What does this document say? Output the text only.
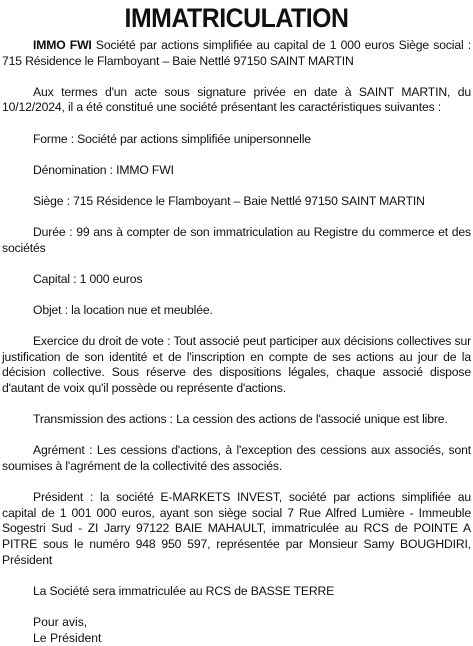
IMMATRICULATION

IMMO FWI Société par actions simplifiée au capital de 1 000 euros Siège social : 715 Résidence le Flamboyant – Baie Nettlé 97150 SAINT MARTIN

Aux termes d'un acte sous signature privée en date à SAINT MARTIN, du 10/12/2024, il a été constitué une société présentant les caractéristiques suivantes :

Forme : Société par actions simplifiée unipersonnelle

Dénomination : IMMO FWI

Siège : 715 Résidence le Flamboyant – Baie Nettlé 97150 SAINT MARTIN

Durée : 99 ans à compter de son immatriculation au Registre du commerce et des sociétés

Capital : 1 000 euros

Objet : la location nue et meublée.

Exercice du droit de vote : Tout associé peut participer aux décisions collectives sur justification de son identité et de l'inscription en compte de ses actions au jour de la décision collective. Sous réserve des dispositions légales, chaque associé dispose d'autant de voix qu'il possède ou représente d'actions.

Transmission des actions : La cession des actions de l'associé unique est libre.

Agrément : Les cessions d'actions, à l'exception des cessions aux associés, sont soumises à l'agrément de la collectivité des associés.

Président : la société E-MARKETS INVEST, société par actions simplifiée au capital de 1 001 000 euros, ayant son siège social 7 Rue Alfred Lumière - Immeuble Sogestri Sud - ZI Jarry 97122 BAIE MAHAULT, immatriculée au RCS de POINTE A PITRE sous le numéro 948 950 597, représentée par Monsieur Samy BOUGHDIRI, Président

La Société sera immatriculée au RCS de BASSE TERRE

Pour avis,

Le Président
